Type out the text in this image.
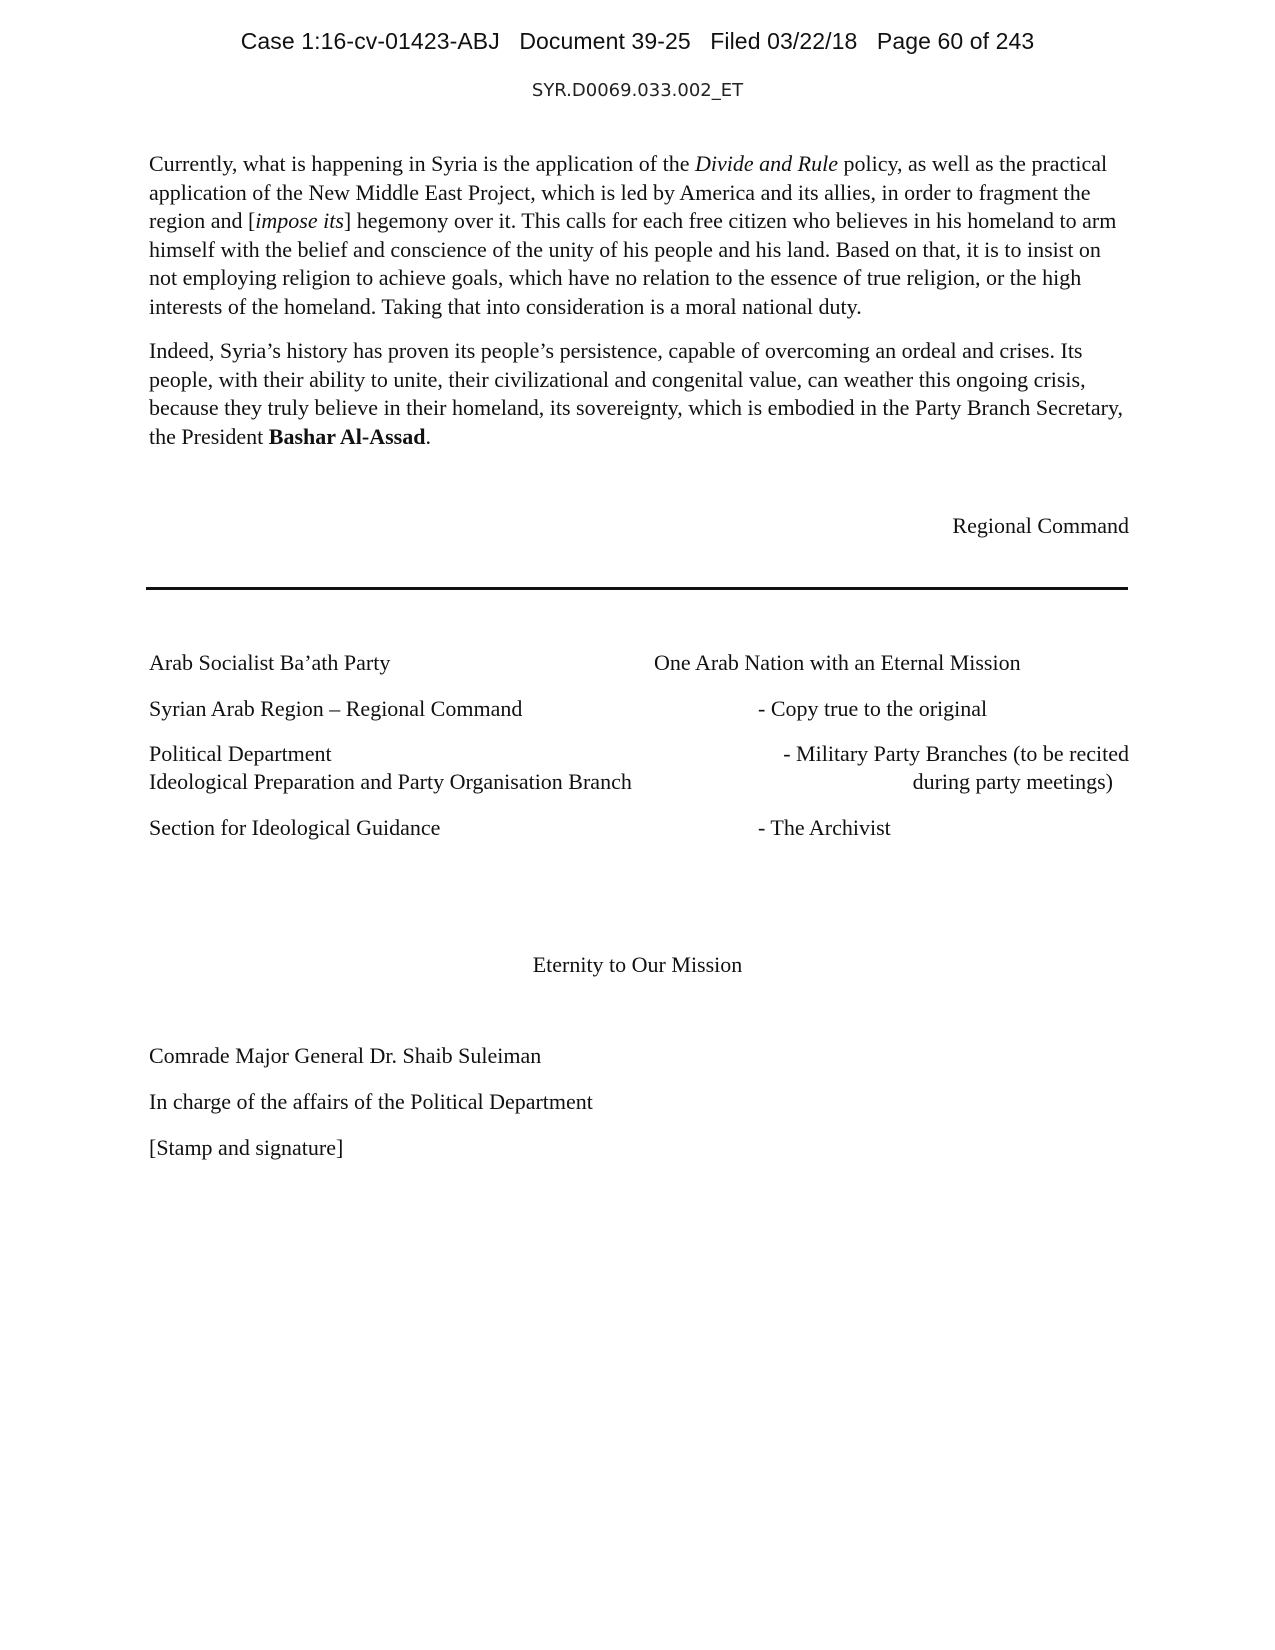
Case 1:16-cv-01423-ABJ   Document 39-25   Filed 03/22/18   Page 60 of 243
SYR.D0069.033.002_ET

Currently, what is happening in Syria is the application of the Divide and Rule policy, as well as the practical application of the New Middle East Project, which is led by America and its allies, in order to fragment the region and [impose its] hegemony over it. This calls for each free citizen who believes in his homeland to arm himself with the belief and conscience of the unity of his people and his land. Based on that, it is to insist on not employing religion to achieve goals, which have no relation to the essence of true religion, or the high interests of the homeland. Taking that into consideration is a moral national duty.

Indeed, Syria’s history has proven its people’s persistence, capable of overcoming an ordeal and crises. Its people, with their ability to unite, their civilizational and congenital value, can weather this ongoing crisis, because they truly believe in their homeland, its sovereignty, which is embodied in the Party Branch Secretary, the President Bashar Al-Assad.

Regional Command
Arab Socialist Ba’ath Party
Syrian Arab Region – Regional Command
Political Department
Ideological Preparation and Party Organisation Branch
Section for Ideological Guidance
One Arab Nation with an Eternal Mission
- Copy true to the original
- Military Party Branches (to be recited
during party meetings)
- The Archivist
Eternity to Our Mission
Comrade Major General Dr. Shaib Suleiman
In charge of the affairs of the Political Department
[Stamp and signature]
